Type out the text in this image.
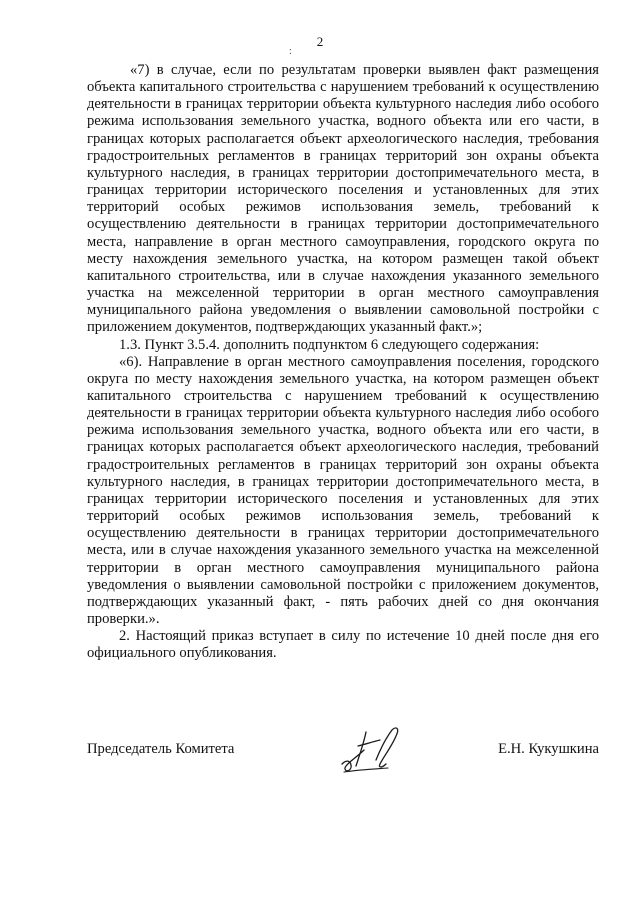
2
:

«7) в случае, если по результатам проверки выявлен факт размещения объекта капитального строительства с нарушением требований к осуществлению деятельности в границах территории объекта культурного наследия либо особого режима использования земельного участка, водного объекта или его части, в границах которых располагается объект археологического наследия, требования градостроительных регламентов в границах территорий зон охраны объекта культурного наследия, в границах территории достопримечательного места, в границах территории исторического поселения и установленных для этих территорий особых режимов использования земель, требований к осуществлению деятельности в границах территории достопримечательного места, направление в орган местного самоуправления, городского округа по месту нахождения земельного участка, на котором размещен такой объект капитального строительства, или в случае нахождения указанного земельного участка на межселенной территории в орган местного самоуправления муниципального района уведомления о выявлении самовольной постройки с приложением документов, подтверждающих указанный факт.»;

1.3. Пункт 3.5.4. дополнить подпунктом 6 следующего содержания:

«6). Направление в орган местного самоуправления поселения, городского округа по месту нахождения земельного участка, на котором размещен объект капитального строительства с нарушением требований к осуществлению деятельности в границах территории объекта культурного наследия либо особого режима использования земельного участка, водного объекта или его части, в границах которых располагается объект археологического наследия, требований градостроительных регламентов в границах территорий зон охраны объекта культурного наследия, в границах территории достопримечательного места, в границах территории исторического поселения и установленных для этих территорий особых режимов использования земель, требований к осуществлению деятельности в границах территории достопримечательного места, или в случае нахождения указанного земельного участка на межселенной территории в орган местного самоуправления муниципального района уведомления о выявлении самовольной постройки с приложением документов, подтверждающих указанный факт, - пять рабочих дней со дня окончания проверки.».

2. Настоящий приказ вступает в силу по истечение 10 дней после дня его официального опубликования.

Председатель Комитета	Е.Н. Кукушкина
